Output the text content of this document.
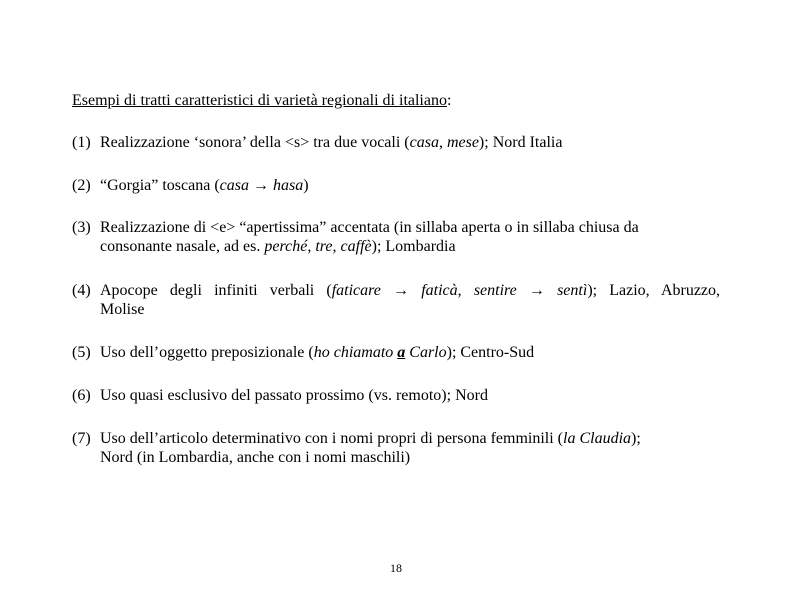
Esempi di tratti caratteristici di varietà regionali di italiano:
(1) Realizzazione ‘sonora’ della <s> tra due vocali (casa, mese); Nord Italia
(2) “Gorgia” toscana (casa → hasa)
(3) Realizzazione di <e> “apertissima” accentata (in sillaba aperta o in sillaba chiusa da
consonante nasale, ad es. perché, tre, caffè); Lombardia
(4) Apocope degli infiniti verbali (faticare → faticà, sentire → sentì); Lazio, Abruzzo,
Molise
(5) Uso dell’oggetto preposizionale (ho chiamato a Carlo); Centro-Sud
(6) Uso quasi esclusivo del passato prossimo (vs. remoto); Nord
(7) Uso dell’articolo determinativo con i nomi propri di persona femminili (la Claudia);
Nord (in Lombardia, anche con i nomi maschili)
18
